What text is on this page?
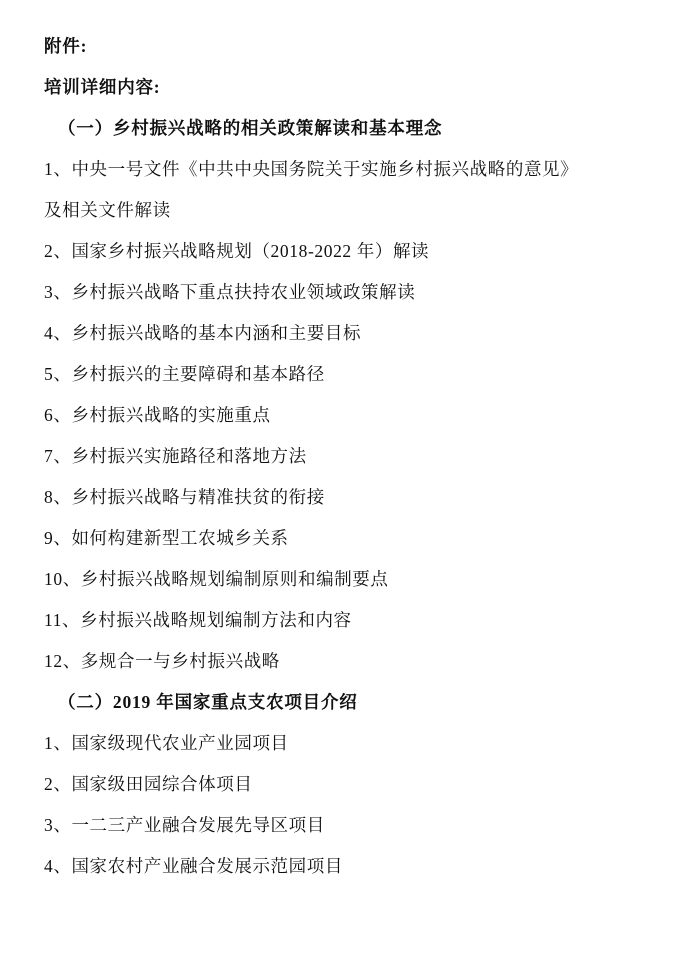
附件:
培训详细内容:
（一）乡村振兴战略的相关政策解读和基本理念
1、中央一号文件《中共中央国务院关于实施乡村振兴战略的意见》
及相关文件解读
2、国家乡村振兴战略规划（2018-2022 年）解读
3、乡村振兴战略下重点扶持农业领域政策解读
4、乡村振兴战略的基本内涵和主要目标
5、乡村振兴的主要障碍和基本路径
6、乡村振兴战略的实施重点
7、乡村振兴实施路径和落地方法
8、乡村振兴战略与精准扶贫的衔接
9、如何构建新型工农城乡关系
10、乡村振兴战略规划编制原则和编制要点
11、乡村振兴战略规划编制方法和内容
12、多规合一与乡村振兴战略
（二）2019 年国家重点支农项目介绍
1、国家级现代农业产业园项目
2、国家级田园综合体项目
3、一二三产业融合发展先导区项目
4、国家农村产业融合发展示范园项目
